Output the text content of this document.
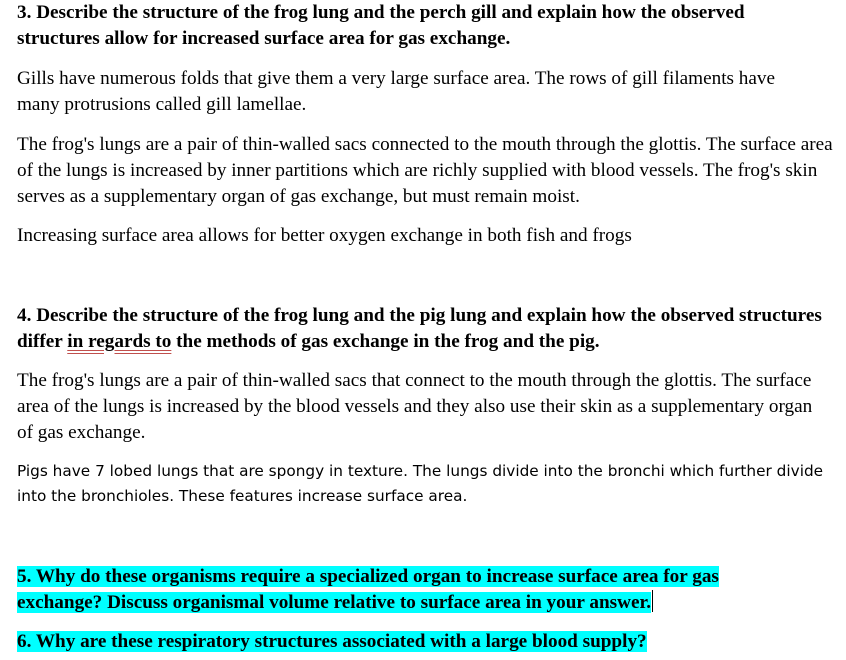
3. Describe the structure of the frog lung and the perch gill and explain how the observed structures allow for increased surface area for gas exchange.

Gills have numerous folds that give them a very large surface area. The rows of gill filaments have many protrusions called gill lamellae.

The frog's lungs are a pair of thin-walled sacs connected to the mouth through the glottis. The surface area of the lungs is increased by inner partitions which are richly supplied with blood vessels. The frog's skin serves as a supplementary organ of gas exchange, but must remain moist.

Increasing surface area allows for better oxygen exchange in both fish and frogs

4. Describe the structure of the frog lung and the pig lung and explain how the observed structures differ in regards to the methods of gas exchange in the frog and the pig.

The frog's lungs are a pair of thin-walled sacs that connect to the mouth through the glottis. The surface area of the lungs is increased by the blood vessels and they also use their skin as a supplementary organ of gas exchange.

Pigs have 7 lobed lungs that are spongy in texture. The lungs divide into the bronchi which further divide into the bronchioles. These features increase surface area.

5. Why do these organisms require a specialized organ to increase surface area for gas exchange? Discuss organismal volume relative to surface area in your answer.

6. Why are these respiratory structures associated with a large blood supply?
